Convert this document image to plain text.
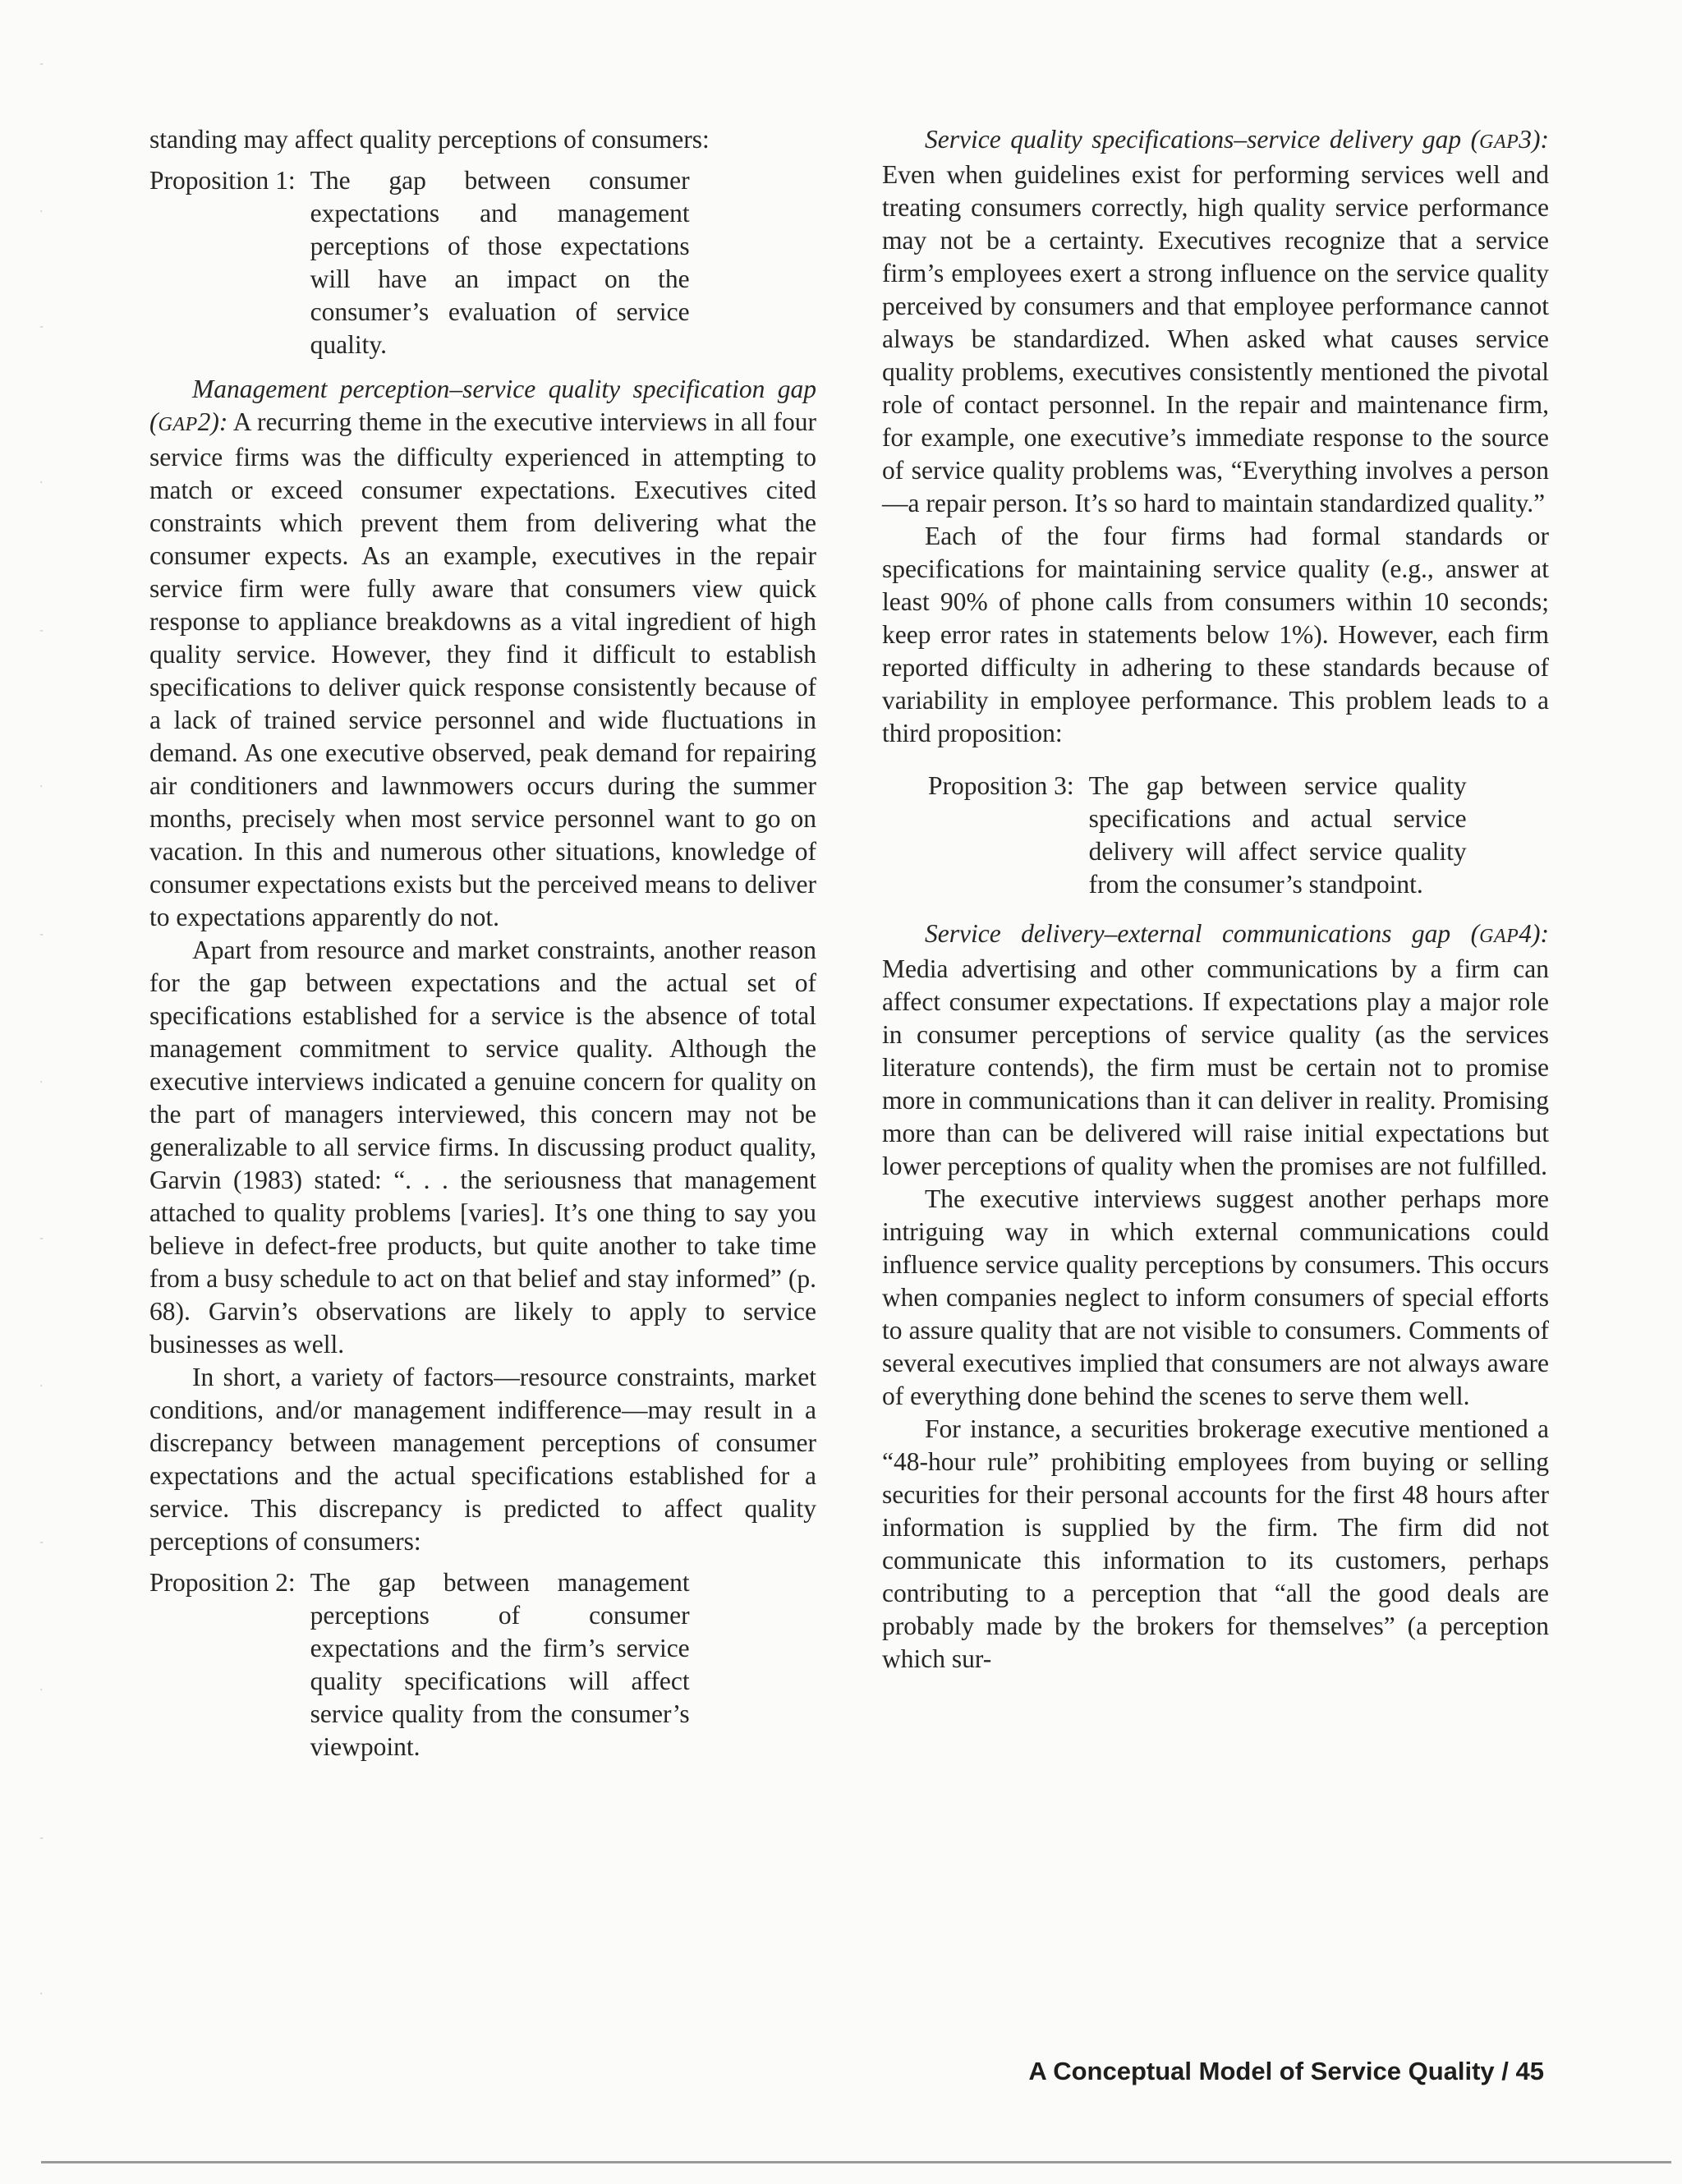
-
·
-
·
-
·
-
·
-
·
-
·
-
·

standing may affect quality perceptions of consumers:

Proposition 1: The gap between consumer expectations and management perceptions of those expectations will have an impact on the consumer’s evaluation of service quality.

Management perception–service quality specification gap (GAP2): A recurring theme in the executive interviews in all four service firms was the difficulty experienced in attempting to match or exceed consumer expectations. Executives cited constraints which prevent them from delivering what the consumer expects. As an example, executives in the repair service firm were fully aware that consumers view quick response to appliance breakdowns as a vital ingredient of high quality service. However, they find it difficult to establish specifications to deliver quick response consistently because of a lack of trained service personnel and wide fluctuations in demand. As one executive observed, peak demand for repairing air conditioners and lawnmowers occurs during the summer months, precisely when most service personnel want to go on vacation. In this and numerous other situations, knowledge of consumer expectations exists but the perceived means to deliver to expectations apparently do not.

Apart from resource and market constraints, another reason for the gap between expectations and the actual set of specifications established for a service is the absence of total management commitment to service quality. Although the executive interviews indicated a genuine concern for quality on the part of managers interviewed, this concern may not be generalizable to all service firms. In discussing product quality, Garvin (1983) stated: “. . . the seriousness that management attached to quality problems [varies]. It’s one thing to say you believe in defect-free products, but quite another to take time from a busy schedule to act on that belief and stay informed” (p. 68). Garvin’s observations are likely to apply to service businesses as well.

In short, a variety of factors—resource constraints, market conditions, and/or management indifference—may result in a discrepancy between management perceptions of consumer expectations and the actual specifications established for a service. This discrepancy is predicted to affect quality perceptions of consumers:

Proposition 2: The gap between management perceptions of consumer expectations and the firm’s service quality specifications will affect service quality from the consumer’s viewpoint.

Service quality specifications–service delivery gap (GAP3): Even when guidelines exist for performing services well and treating consumers correctly, high quality service performance may not be a certainty. Executives recognize that a service firm’s employees exert a strong influence on the service quality perceived by consumers and that employee performance cannot always be standardized. When asked what causes service quality problems, executives consistently mentioned the pivotal role of contact personnel. In the repair and maintenance firm, for example, one executive’s immediate response to the source of service quality problems was, “Everything involves a person—a repair person. It’s so hard to maintain standardized quality.”

Each of the four firms had formal standards or specifications for maintaining service quality (e.g., answer at least 90% of phone calls from consumers within 10 seconds; keep error rates in statements below 1%). However, each firm reported difficulty in adhering to these standards because of variability in employee performance. This problem leads to a third proposition:

Proposition 3: The gap between service quality specifications and actual service delivery will affect service quality from the consumer’s standpoint.

Service delivery–external communications gap (GAP4): Media advertising and other communications by a firm can affect consumer expectations. If expectations play a major role in consumer perceptions of service quality (as the services literature contends), the firm must be certain not to promise more in communications than it can deliver in reality. Promising more than can be delivered will raise initial expectations but lower perceptions of quality when the promises are not fulfilled.

The executive interviews suggest another perhaps more intriguing way in which external communications could influence service quality perceptions by consumers. This occurs when companies neglect to inform consumers of special efforts to assure quality that are not visible to consumers. Comments of several executives implied that consumers are not always aware of everything done behind the scenes to serve them well.

For instance, a securities brokerage executive mentioned a “48-hour rule” prohibiting employees from buying or selling securities for their personal accounts for the first 48 hours after information is supplied by the firm. The firm did not communicate this information to its customers, perhaps contributing to a perception that “all the good deals are probably made by the brokers for themselves” (a perception which sur-

A Conceptual Model of Service Quality / 45
